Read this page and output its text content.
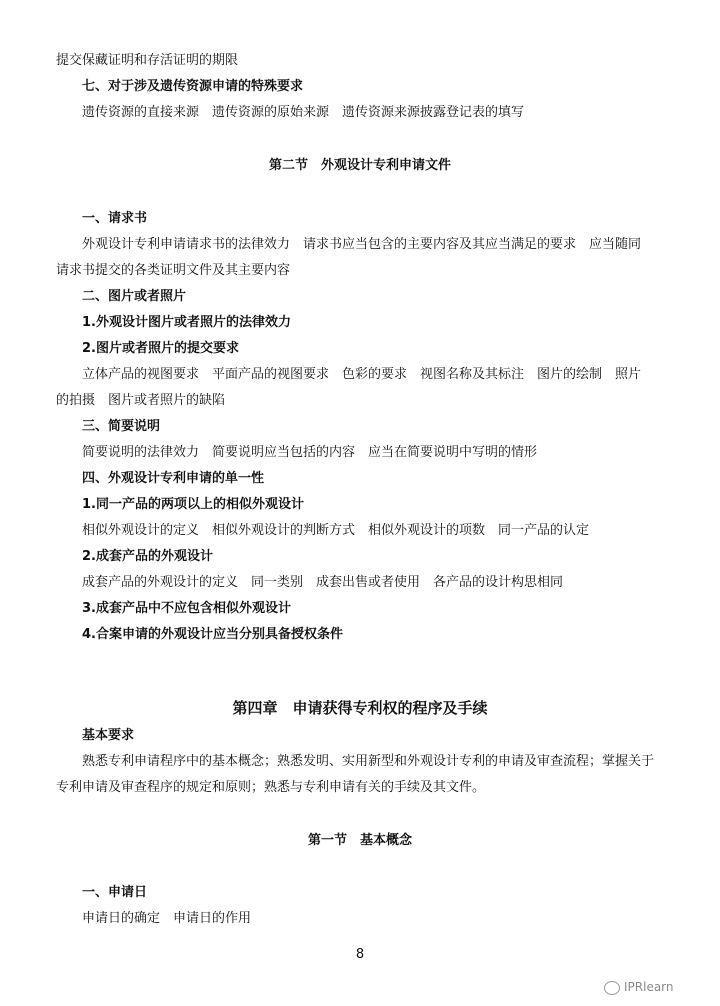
提交保藏证明和存活证明的期限
七、对于涉及遗传资源申请的特殊要求
遗传资源的直接来源　遗传资源的原始来源　遗传资源来源披露登记表的填写
第二节　外观设计专利申请文件
一、请求书
外观设计专利申请请求书的法律效力　请求书应当包含的主要内容及其应当满足的要求　应当随同
请求书提交的各类证明文件及其主要内容
二、图片或者照片
1.外观设计图片或者照片的法律效力
2.图片或者照片的提交要求
立体产品的视图要求　平面产品的视图要求　色彩的要求　视图名称及其标注　图片的绘制　照片
的拍摄　图片或者照片的缺陷
三、简要说明
简要说明的法律效力　简要说明应当包括的内容　应当在简要说明中写明的情形
四、外观设计专利申请的单一性
1.同一产品的两项以上的相似外观设计
相似外观设计的定义　相似外观设计的判断方式　相似外观设计的项数　同一产品的认定
2.成套产品的外观设计
成套产品的外观设计的定义　同一类别　成套出售或者使用　各产品的设计构思相同
3.成套产品中不应包含相似外观设计
4.合案申请的外观设计应当分别具备授权条件
第四章　申请获得专利权的程序及手续
基本要求
熟悉专利申请程序中的基本概念；熟悉发明、实用新型和外观设计专利的申请及审查流程；掌握关于
专利申请及审查程序的规定和原则；熟悉与专利申请有关的手续及其文件。
第一节　基本概念
一、申请日
申请日的确定　申请日的作用
8
IPRlearn
